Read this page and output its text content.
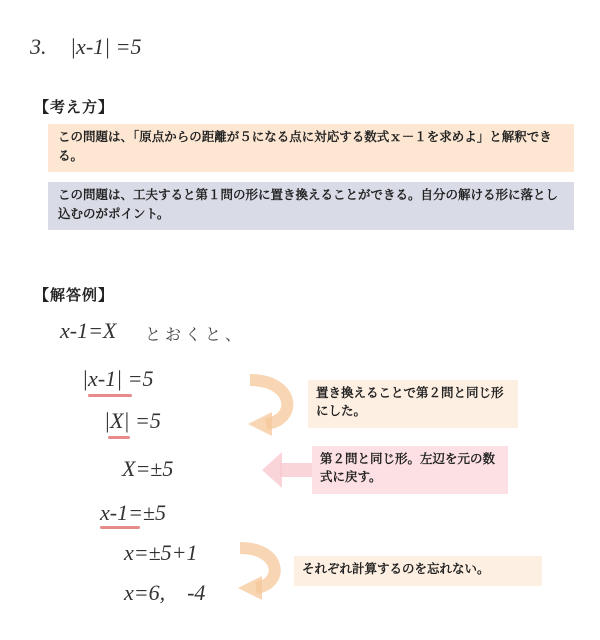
3. |x-1| =5
【考え方】
この問題は、「原点からの距離が５になる点に対応する数式ｘ－１を求めよ」と解釈できる。
この問題は、工夫すると第１問の形に置き換えることができる。自分の解ける形に落とし込むのがポイント。
【解答例】
x-1=X とおくと、
|x-1| =5
|X| =5
X=±5
x-1=±5
x=±5+1
x=6,　-4
置き換えることで第２問と同じ形にした。
第２問と同じ形。左辺を元の数式に戻す。
それぞれ計算するのを忘れない。
